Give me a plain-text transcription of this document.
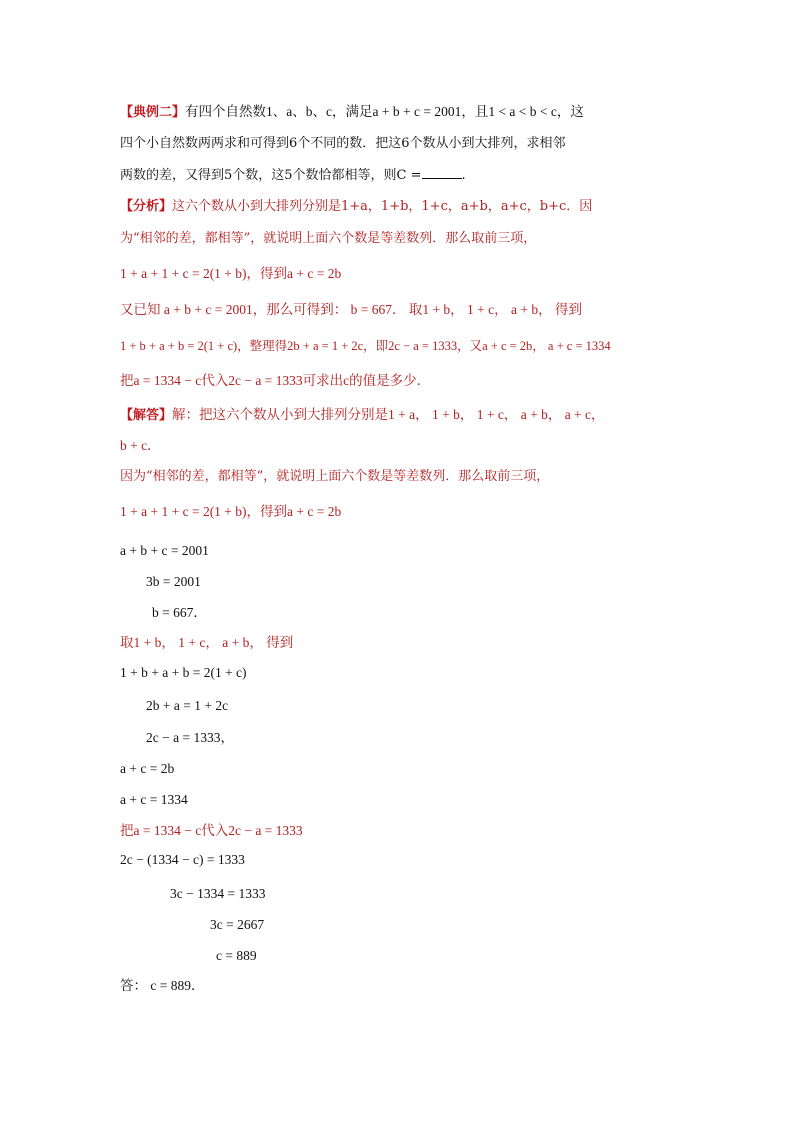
【典例二】有四个自然数1、a、b、c，满足a + b + c = 2001，且1 < a < b < c，这
四个小自然数两两求和可得到6个不同的数．把这6个数从小到大排列，求相邻
两数的差，又得到5个数，这5个数恰都相等，则C =	.
【分析】这六个数从小到大排列分别是1+a，1+b，1+c，a+b，a+c，b+c．因
为“相邻的差，都相等”，就说明上面六个数是等差数列．那么取前三项，
1 + a + 1 + c = 2(1 + b)，得到a + c = 2b
又已知 a + b + c = 2001，那么可得到： b = 667． 取1 + b， 1 + c， a + b， 得到
1 + b + a + b = 2(1 + c)，整理得2b + a = 1 + 2c，即2c − a = 1333，又a + c = 2b， a + c = 1334
把a = 1334 − c代入2c − a = 1333可求出c的值是多少．
【解答】解：把这六个数从小到大排列分别是1 + a， 1 + b， 1 + c， a + b， a + c，
b + c．
因为“相邻的差，都相等”，就说明上面六个数是等差数列．那么取前三项，
1 + a + 1 + c = 2(1 + b)，得到a + c = 2b
a + b + c = 2001
3b = 2001
b = 667．
取1 + b， 1 + c， a + b， 得到
1 + b + a + b = 2(1 + c)
2b + a = 1 + 2c
2c − a = 1333，
a + c = 2b
a + c = 1334
把a = 1334 − c代入2c − a = 1333
2c − (1334 − c) = 1333
3c − 1334 = 1333
3c = 2667
c = 889
答： c = 889．
